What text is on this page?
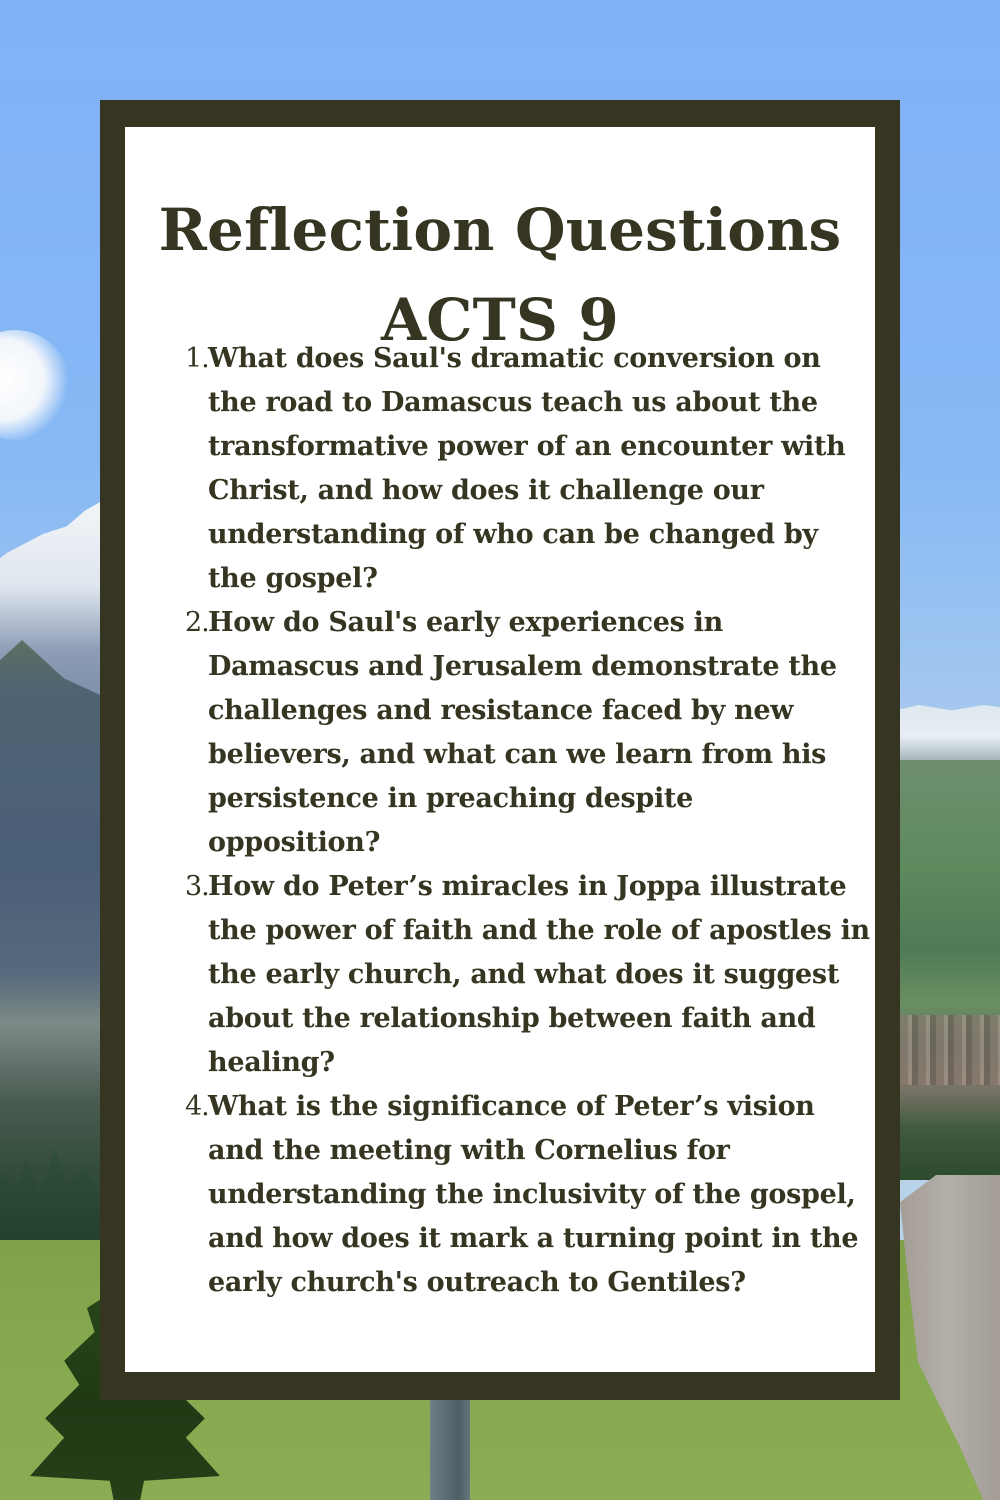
Reflection Questions
ACTS 9
1. What does Saul's dramatic conversion on the road to Damascus teach us about the transformative power of an encounter with Christ, and how does it challenge our understanding of who can be changed by the gospel?
2. How do Saul's early experiences in Damascus and Jerusalem demonstrate the challenges and resistance faced by new believers, and what can we learn from his persistence in preaching despite opposition?
3. How do Peter’s miracles in Joppa illustrate the power of faith and the role of apostles in the early church, and what does it suggest about the relationship between faith and healing?
4. What is the significance of Peter’s vision and the meeting with Cornelius for understanding the inclusivity of the gospel, and how does it mark a turning point in the early church's outreach to Gentiles?
